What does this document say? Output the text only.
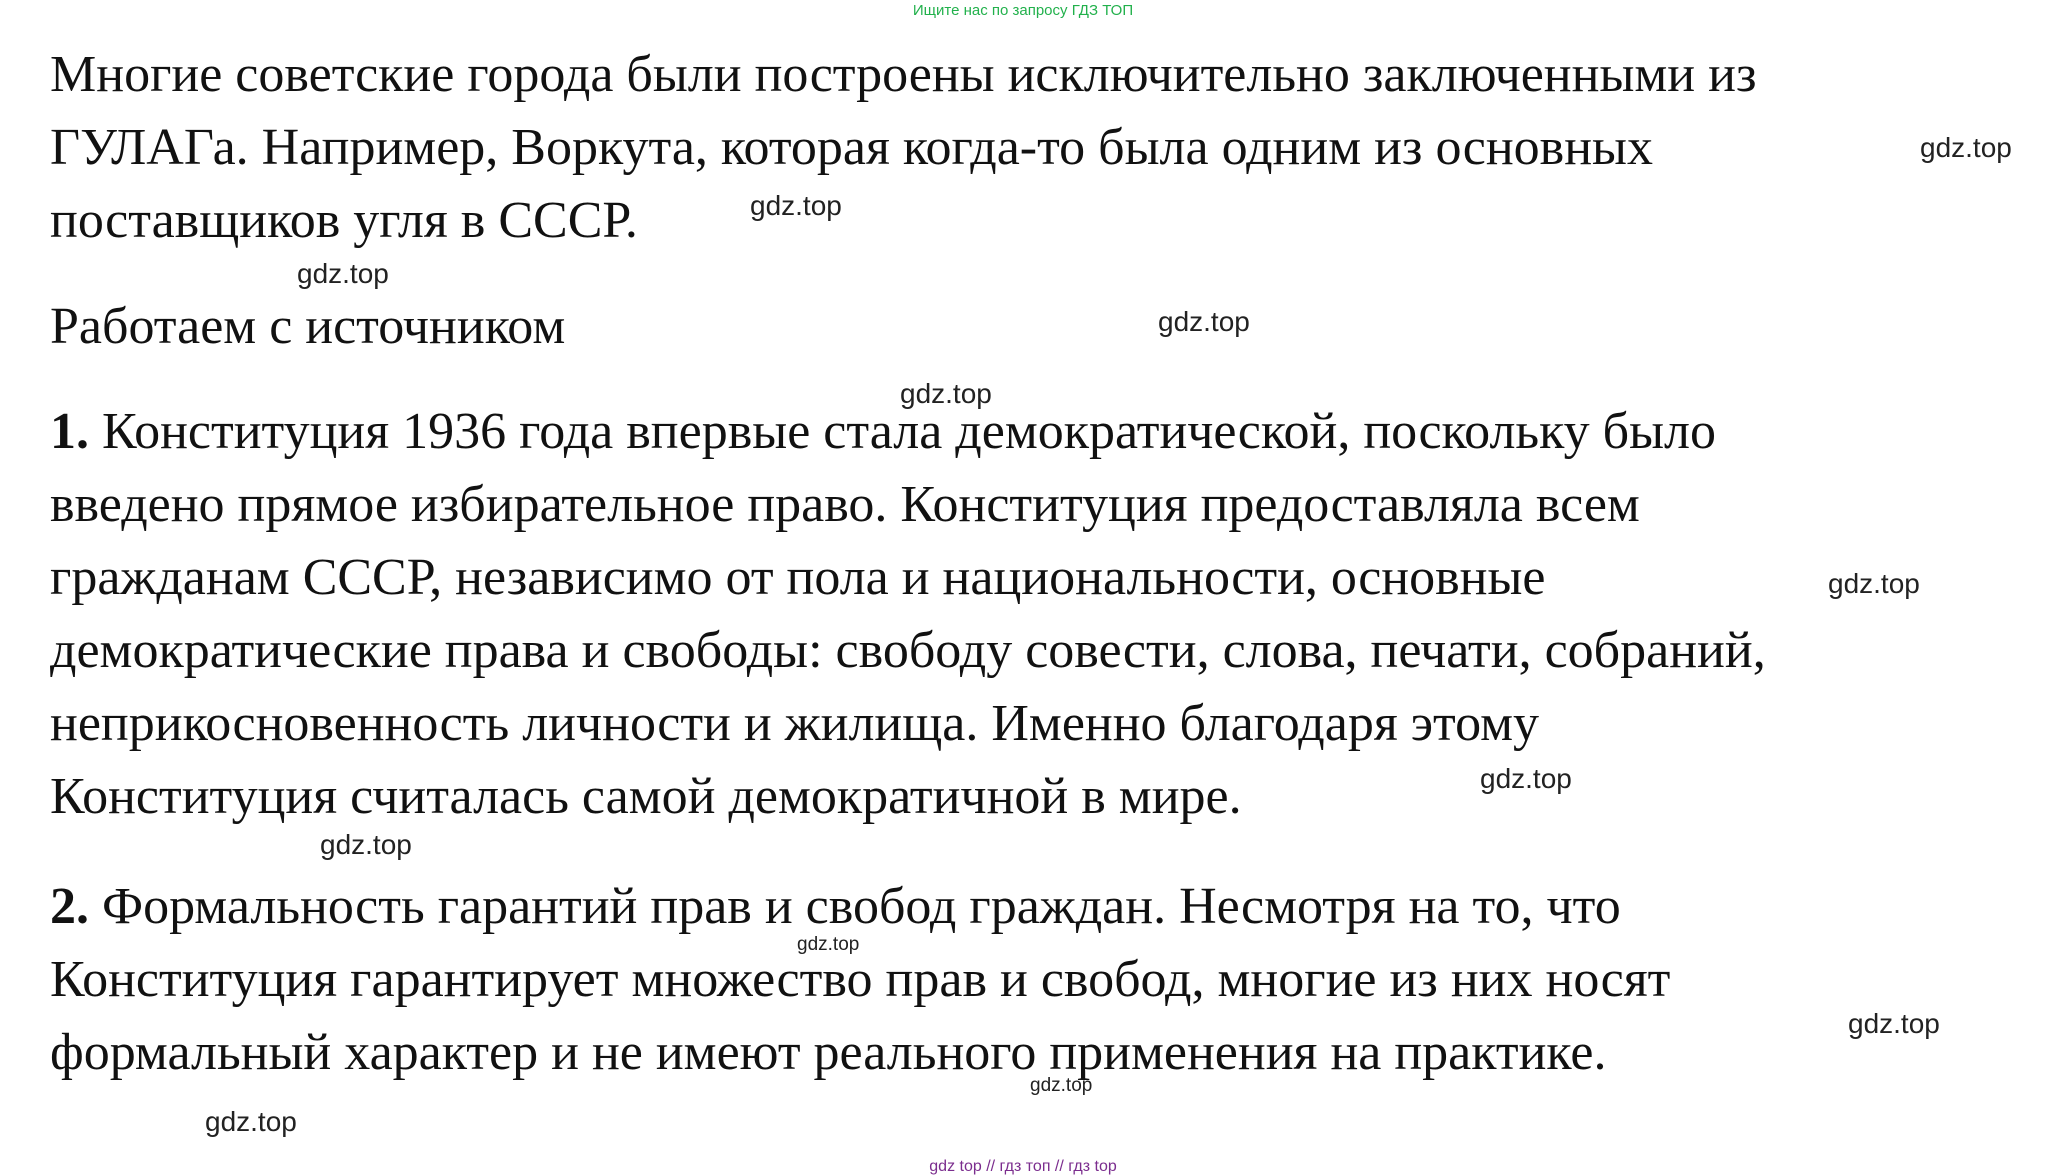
Ищите нас по запросу ГДЗ ТОП

Многие советские города были построены исключительно заключенными из
ГУЛАГа. Например, Воркута, которая когда-то была одним из основных
поставщиков угля в СССР.

Работаем с источником

1. Конституция 1936 года впервые стала демократической, поскольку было
введено прямое избирательное право. Конституция предоставляла всем
гражданам СССР, независимо от пола и национальности, основные
демократические права и свободы: свободу совести, слова, печати, собраний,
неприкосновенность личности и жилища. Именно благодаря этому
Конституция считалась самой демократичной в мире.

2. Формальность гарантий прав и свобод граждан. Несмотря на то, что
Конституция гарантирует множество прав и свобод, многие из них носят
формальный характер и не имеют реального применения на практике.

gdz.top
gdz.top
gdz.top
gdz.top
gdz.top
gdz.top
gdz.top
gdz.top
gdz.top
gdz.top
gdz.top
gdz.top
gdz top // гдз топ // гдз top
